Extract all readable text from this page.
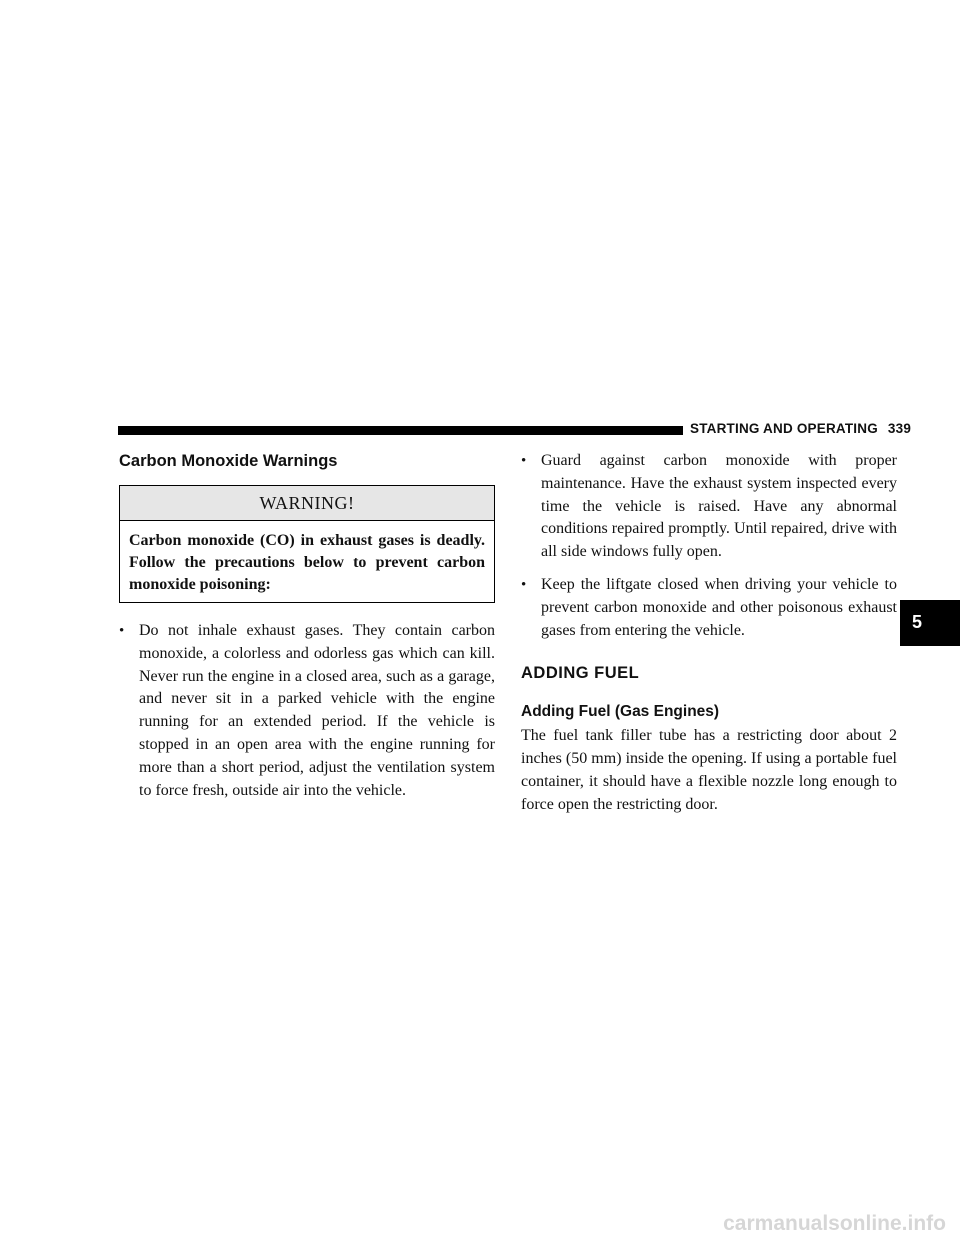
STARTING AND OPERATING 339
Carbon Monoxide Warnings
WARNING!
Carbon monoxide (CO) in exhaust gases is deadly. Follow the precautions below to prevent carbon monoxide poisoning:
• Do not inhale exhaust gases. They contain carbon monoxide, a colorless and odorless gas which can kill. Never run the engine in a closed area, such as a garage, and never sit in a parked vehicle with the engine running for an extended period. If the vehicle is stopped in an open area with the engine running for more than a short period, adjust the ventilation system to force fresh, outside air into the vehicle.
• Guard against carbon monoxide with proper maintenance. Have the exhaust system inspected every time the vehicle is raised. Have any abnormal conditions repaired promptly. Until repaired, drive with all side windows fully open.
• Keep the liftgate closed when driving your vehicle to prevent carbon monoxide and other poisonous exhaust gases from entering the vehicle.
ADDING FUEL
Adding Fuel (Gas Engines)

The fuel tank filler tube has a restricting door about 2 inches (50 mm) inside the opening. If using a portable fuel container, it should have a flexible nozzle long enough to force open the restricting door.

5
carmanualsonline.info
